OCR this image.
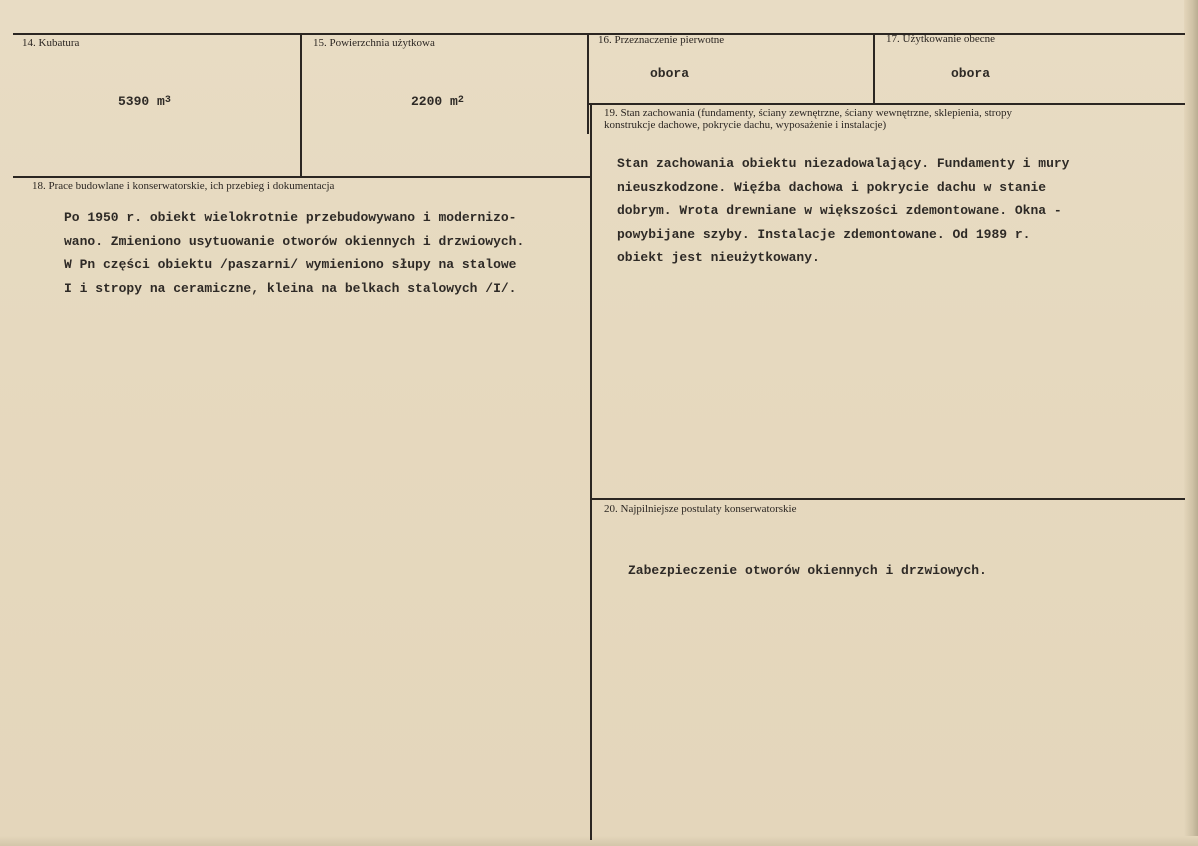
14. Kubatura
5390 $m^3$
15. Powierzchnia użytkowa
2200 $m^2$
16. Przeznaczenie pierwotne
obora
17. Użytkowanie obecne
obora
19. Stan zachowania (fundamenty, ściany zewnętrzne, ściany wewnętrzne, sklepienia, stropy
konstrukcje dachowe, pokrycie dachu, wyposażenie i instalacje)
Stan zachowania obiektu niezadowalający. Fundamenty i mury
nieuszkodzone. Więźba dachowa i pokrycie dachu w stanie
dobrym. Wrota drewniane w większości zdemontowane. Okna -
powybijane szyby. Instalacje zdemontowane. Od 1989 r.
obiekt jest nieużytkowany.
18. Prace budowlane i konserwatorskie, ich przebieg i dokumentacja
Po 1950 r. obiekt wielokrotnie przebudowywano i modernizo-
wano. Zmieniono usytuowanie otworów okiennych i drzwiowych.
W Pn części obiektu /paszarni/ wymieniono słupy na stalowe
I i stropy na ceramiczne, kleina na belkach stalowych /I/.
20. Najpilniejsze postulaty konserwatorskie
Zabezpieczenie otworów okiennych i drzwiowych.
